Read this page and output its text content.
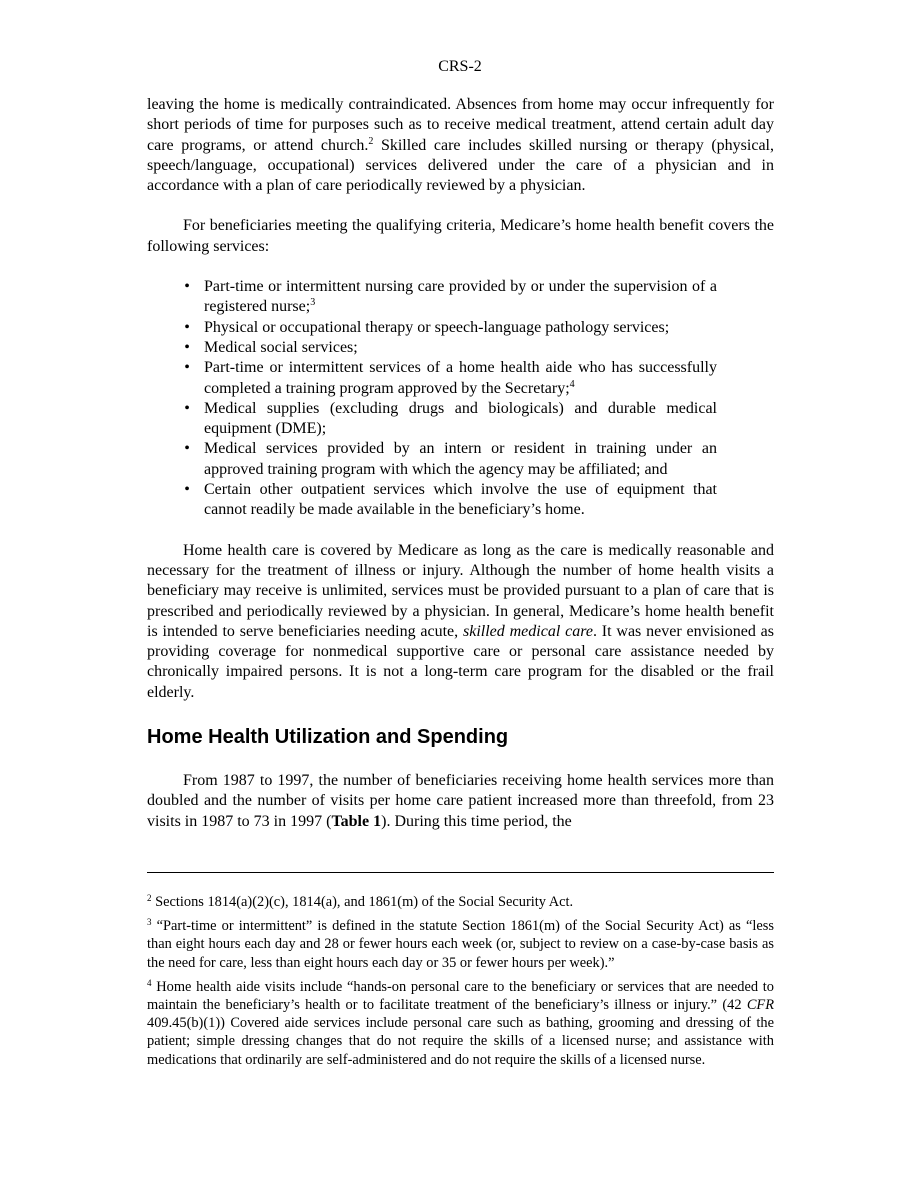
CRS-2

leaving the home is medically contraindicated. Absences from home may occur infrequently for short periods of time for purposes such as to receive medical treatment, attend certain adult day care programs, or attend church.$^2$ Skilled care includes skilled nursing or therapy (physical, speech/language, occupational) services delivered under the care of a physician and in accordance with a plan of care periodically reviewed by a physician.

For beneficiaries meeting the qualifying criteria, Medicare’s home health benefit covers the following services:

• Part-time or intermittent nursing care provided by or under the supervision of a registered nurse;$^3$
• Physical or occupational therapy or speech-language pathology services;
• Medical social services;
• Part-time or intermittent services of a home health aide who has successfully completed a training program approved by the Secretary;$^4$
• Medical supplies (excluding drugs and biologicals) and durable medical equipment (DME);
• Medical services provided by an intern or resident in training under an approved training program with which the agency may be affiliated; and
• Certain other outpatient services which involve the use of equipment that cannot readily be made available in the beneficiary’s home.

Home health care is covered by Medicare as long as the care is medically reasonable and necessary for the treatment of illness or injury. Although the number of home health visits a beneficiary may receive is unlimited, services must be provided pursuant to a plan of care that is prescribed and periodically reviewed by a physician. In general, Medicare’s home health benefit is intended to serve beneficiaries needing acute, skilled medical care. It was never envisioned as providing coverage for nonmedical supportive care or personal care assistance needed by chronically impaired persons. It is not a long-term care program for the disabled or the frail elderly.

Home Health Utilization and Spending

From 1987 to 1997, the number of beneficiaries receiving home health services more than doubled and the number of visits per home care patient increased more than threefold, from 23 visits in 1987 to 73 in 1997 (Table 1). During this time period, the

$^2$ Sections 1814(a)(2)(c), 1814(a), and 1861(m) of the Social Security Act.

$^3$ “Part-time or intermittent” is defined in the statute Section 1861(m) of the Social Security Act) as “less than eight hours each day and 28 or fewer hours each week (or, subject to review on a case-by-case basis as the need for care, less than eight hours each day or 35 or fewer hours per week).”

$^4$ Home health aide visits include “hands-on personal care to the beneficiary or services that are needed to maintain the beneficiary’s health or to facilitate treatment of the beneficiary’s illness or injury.” (42 CFR 409.45(b)(1)) Covered aide services include personal care such as bathing, grooming and dressing of the patient; simple dressing changes that do not require the skills of a licensed nurse; and assistance with medications that ordinarily are self-administered and do not require the skills of a licensed nurse.
